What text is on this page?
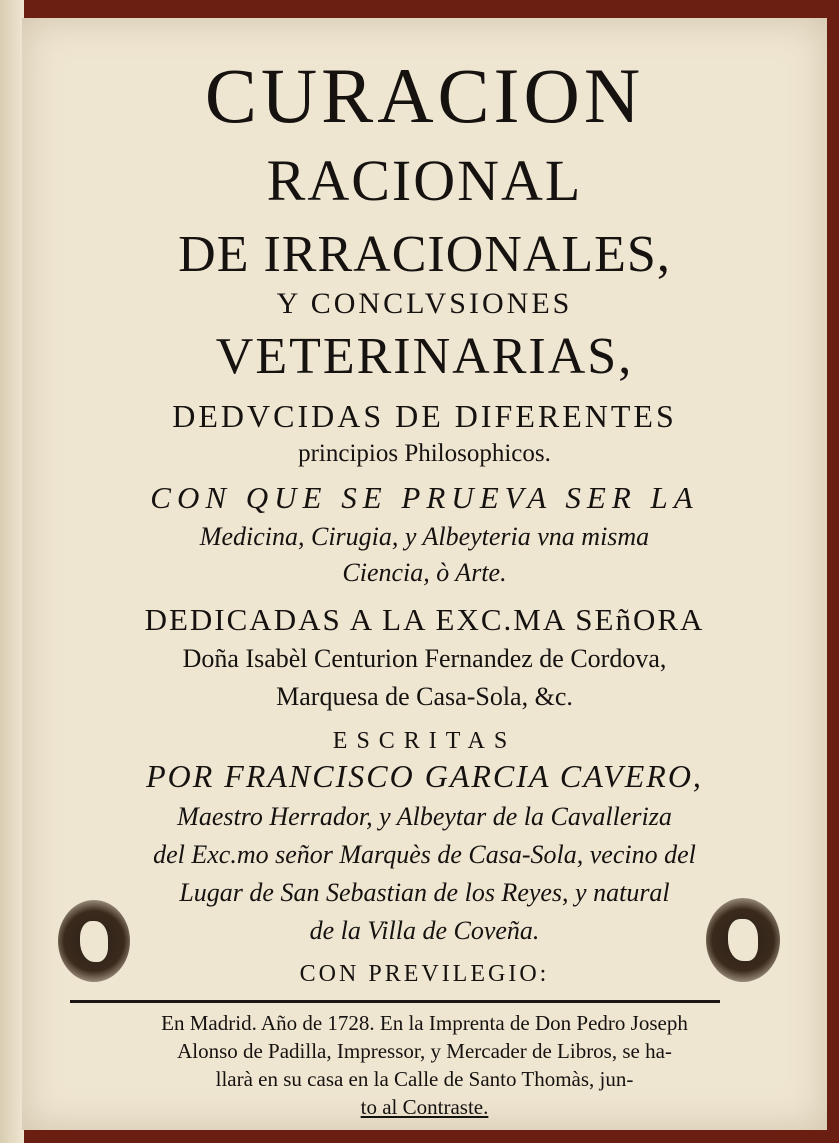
CURACION
RACIONAL
DE IRRACIONALES,
Y CONCLVSIONES
VETERINARIAS,
DEDVCIDAS DE DIFERENTES
principios Philosophicos.
CON QUE SE PRUEVA SER LA
Medicina, Cirugia, y Albeyteria vna misma
Ciencia, ò Arte.
DEDICADAS A LA EXC.MA SEñORA
Doña Isabèl Centurion Fernandez de Cordova,
Marquesa de Casa-Sola, &c.
ESCRITAS
POR FRANCISCO GARCIA CAVERO,
Maestro Herrador, y Albeytar de la Cavalleriza
del Exc.mo señor Marquès de Casa-Sola, vecino del
Lugar de San Sebastian de los Reyes, y natural
de la Villa de Coveña.
CON PREVILEGIO:
En Madrid. Año de 1728. En la Imprenta de Don Pedro Joseph
Alonso de Padilla, Impressor, y Mercader de Libros, se ha-
llarà en su casa en la Calle de Santo Thomàs, jun-
to al Contraste.
